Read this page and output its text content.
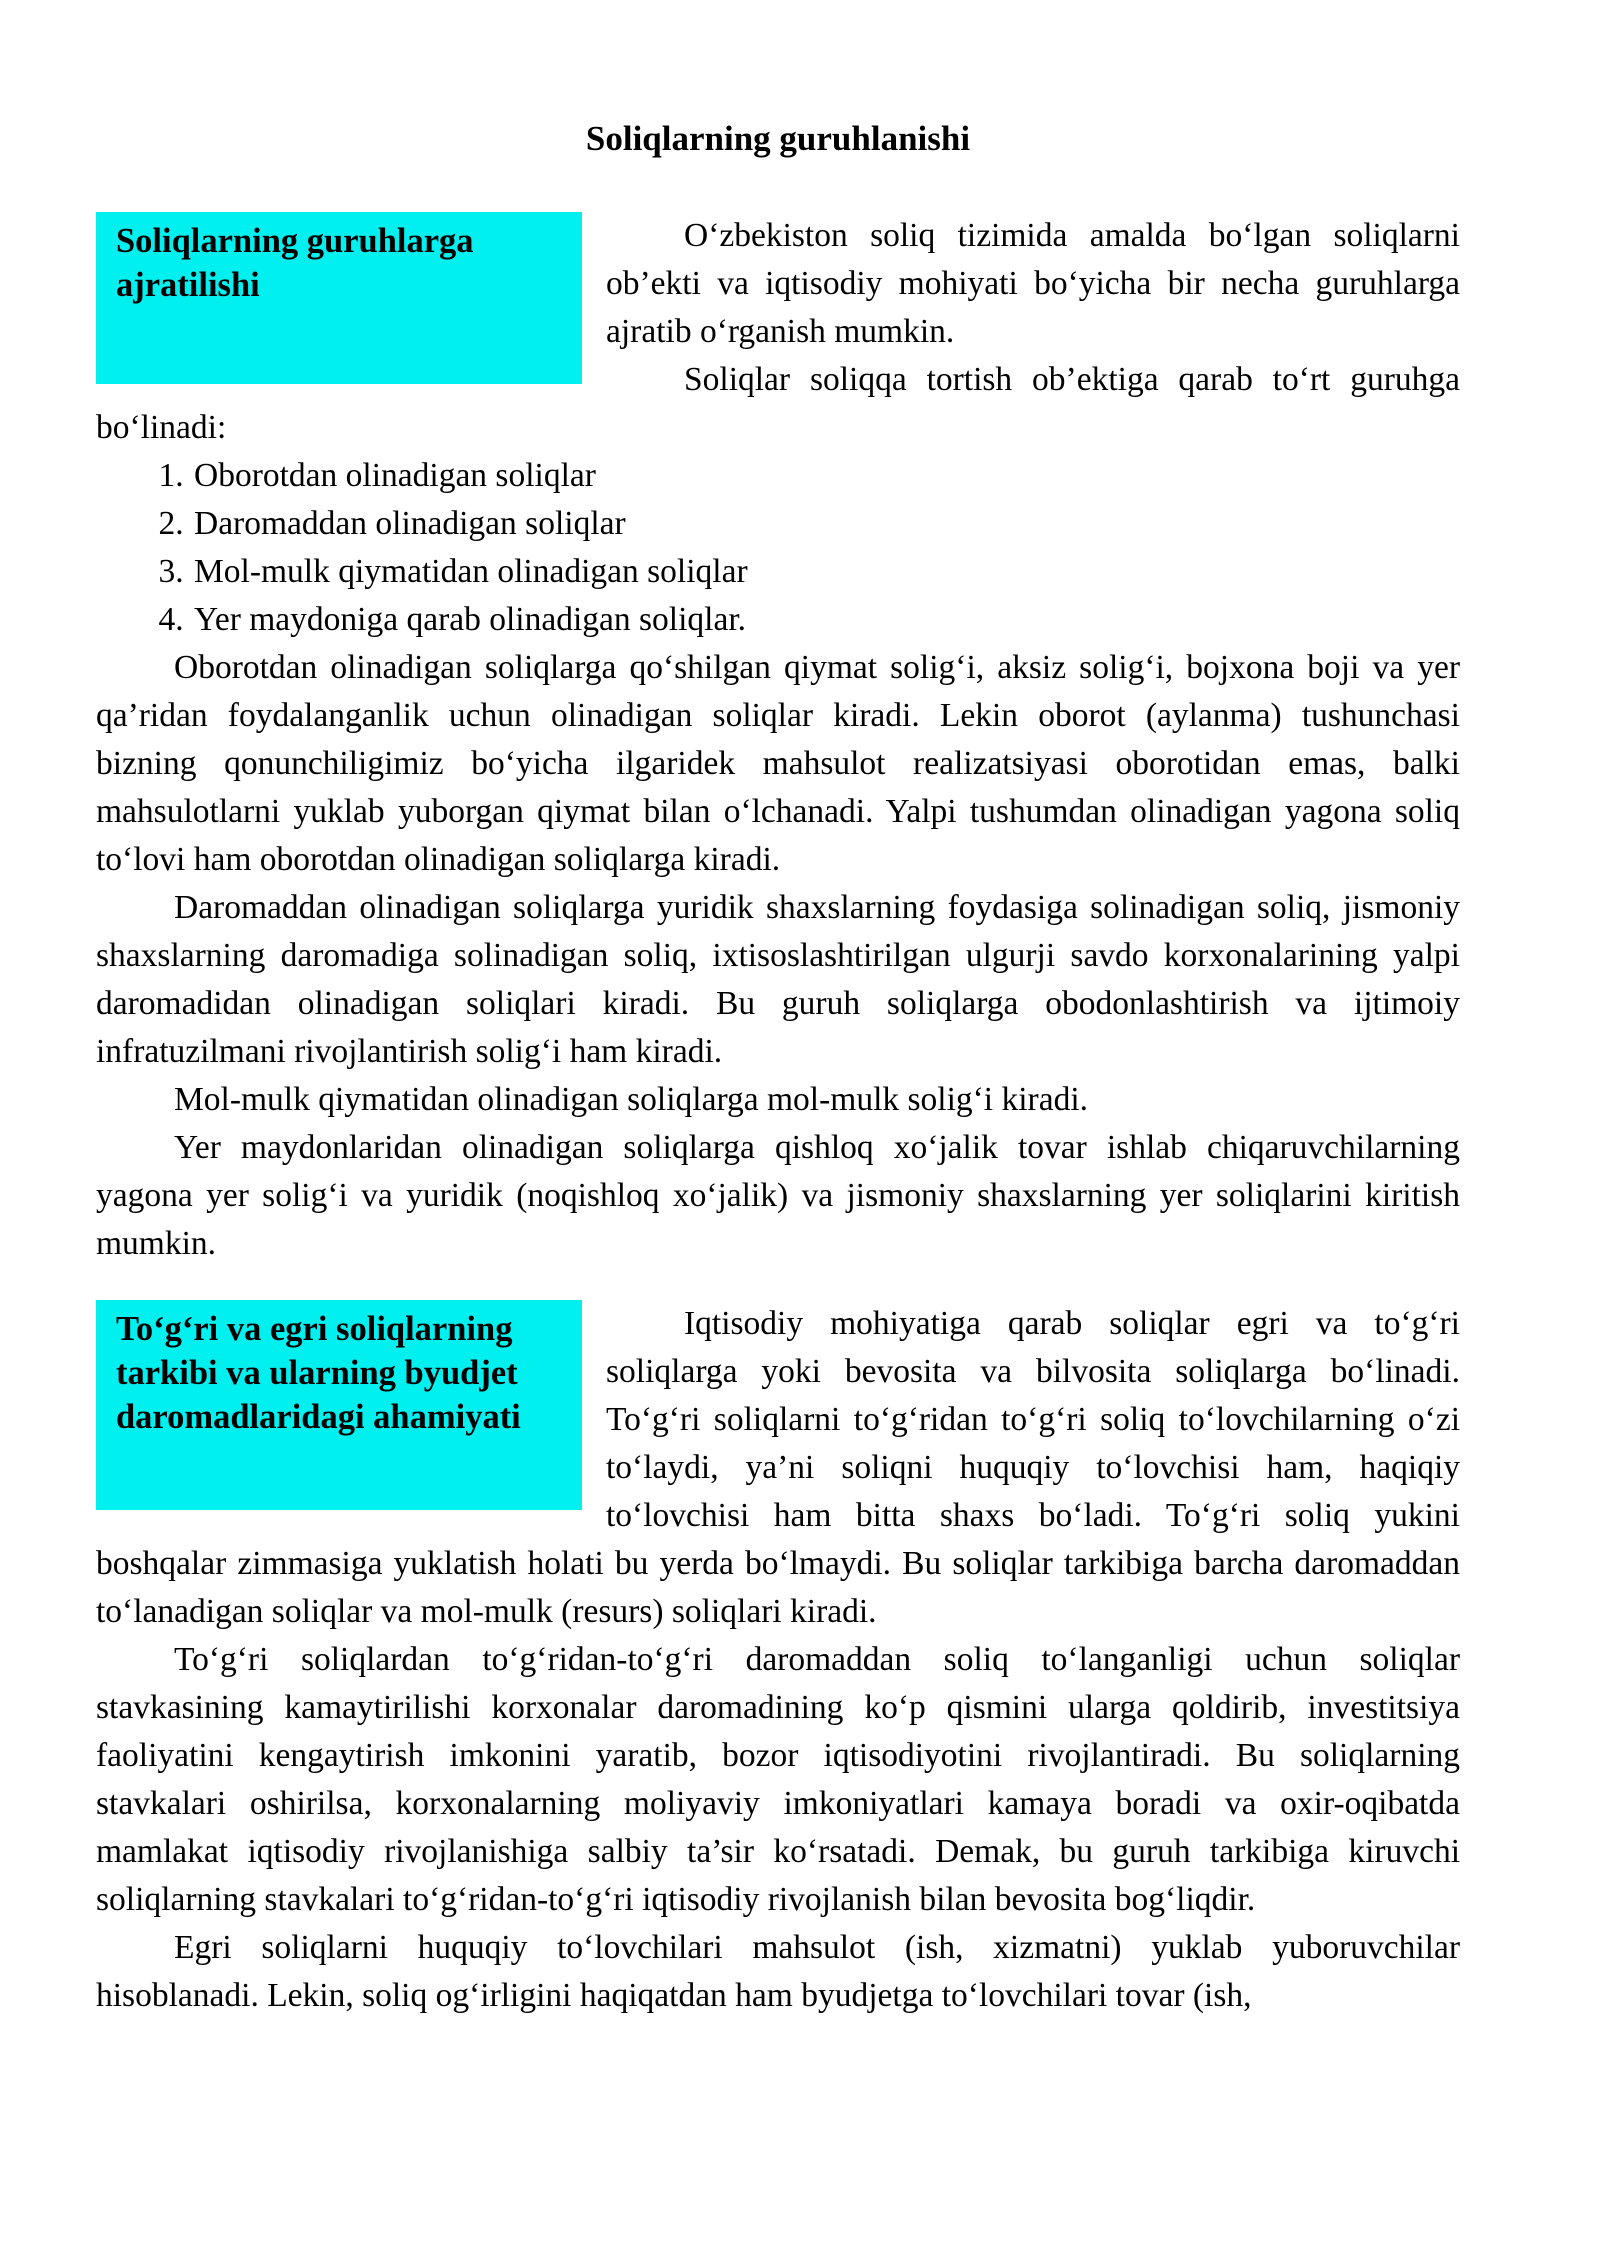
Soliqlarning guruhlanishi
Soliqlarning guruhlarga ajratilishi

O‘zbekiston soliq tizimida amalda bo‘lgan soliqlarni ob’ekti va iqtisodiy mohiyati bo‘yicha bir necha guruhlarga ajratib o‘rganish mumkin.

Soliqlar soliqqa tortish ob’ektiga qarab to‘rt guruhga bo‘linadi:

1. Oborotdan olinadigan soliqlar
2. Daromaddan olinadigan soliqlar
3. Mol-mulk qiymatidan olinadigan soliqlar
4. Yer maydoniga qarab olinadigan soliqlar.

Oborotdan olinadigan soliqlarga qo‘shilgan qiymat solig‘i, aksiz solig‘i, bojxona boji va yer qa’ridan foydalanganlik uchun olinadigan soliqlar kiradi. Lekin oborot (aylanma) tushunchasi bizning qonunchiligimiz bo‘yicha ilgaridek mahsulot realizatsiyasi oborotidan emas, balki mahsulotlarni yuklab yuborgan qiymat bilan o‘lchanadi. Yalpi tushumdan olinadigan yagona soliq to‘lovi ham oborotdan olinadigan soliqlarga kiradi.

Daromaddan olinadigan soliqlarga yuridik shaxslarning foydasiga solinadigan soliq, jismoniy shaxslarning daromadiga solinadigan soliq, ixtisoslashtirilgan ulgurji savdo korxonalarining yalpi daromadidan olinadigan soliqlari kiradi. Bu guruh soliqlarga obodonlashtirish va ijtimoiy infratuzilmani rivojlantirish solig‘i ham kiradi.

Mol-mulk qiymatidan olinadigan soliqlarga mol-mulk solig‘i kiradi.

Yer maydonlaridan olinadigan soliqlarga qishloq xo‘jalik tovar ishlab chiqaruvchilarning yagona yer solig‘i va yuridik (noqishloq xo‘jalik) va jismoniy shaxslarning yer soliqlarini kiritish mumkin.

To‘g‘ri va egri soliqlarning tarkibi va ularning byudjet daromadlaridagi ahamiyati

Iqtisodiy mohiyatiga qarab soliqlar egri va to‘g‘ri soliqlarga yoki bevosita va bilvosita soliqlarga bo‘linadi. To‘g‘ri soliqlarni to‘g‘ridan to‘g‘ri soliq to‘lovchilarning o‘zi to‘laydi, ya’ni soliqni huquqiy to‘lovchisi ham, haqiqiy to‘lovchisi ham bitta shaxs bo‘ladi. To‘g‘ri soliq yukini boshqalar zimmasiga yuklatish holati bu yerda bo‘lmaydi. Bu soliqlar tarkibiga barcha daromaddan to‘lanadigan soliqlar va mol-mulk (resurs) soliqlari kiradi.

To‘g‘ri soliqlardan to‘g‘ridan-to‘g‘ri daromaddan soliq to‘langanligi uchun soliqlar stavkasining kamaytirilishi korxonalar daromadining ko‘p qismini ularga qoldirib, investitsiya faoliyatini kengaytirish imkonini yaratib, bozor iqtisodiyotini rivojlantiradi. Bu soliqlarning stavkalari oshirilsa, korxonalarning moliyaviy imkoniyatlari kamaya boradi va oxir-oqibatda mamlakat iqtisodiy rivojlanishiga salbiy ta’sir ko‘rsatadi. Demak, bu guruh tarkibiga kiruvchi soliqlarning stavkalari to‘g‘ridan-to‘g‘ri iqtisodiy rivojlanish bilan bevosita bog‘liqdir.

Egri soliqlarni huquqiy to‘lovchilari mahsulot (ish, xizmatni) yuklab yuboruvchilar hisoblanadi. Lekin, soliq og‘irligini haqiqatdan ham byudjetga to‘lovchilari tovar (ish,
